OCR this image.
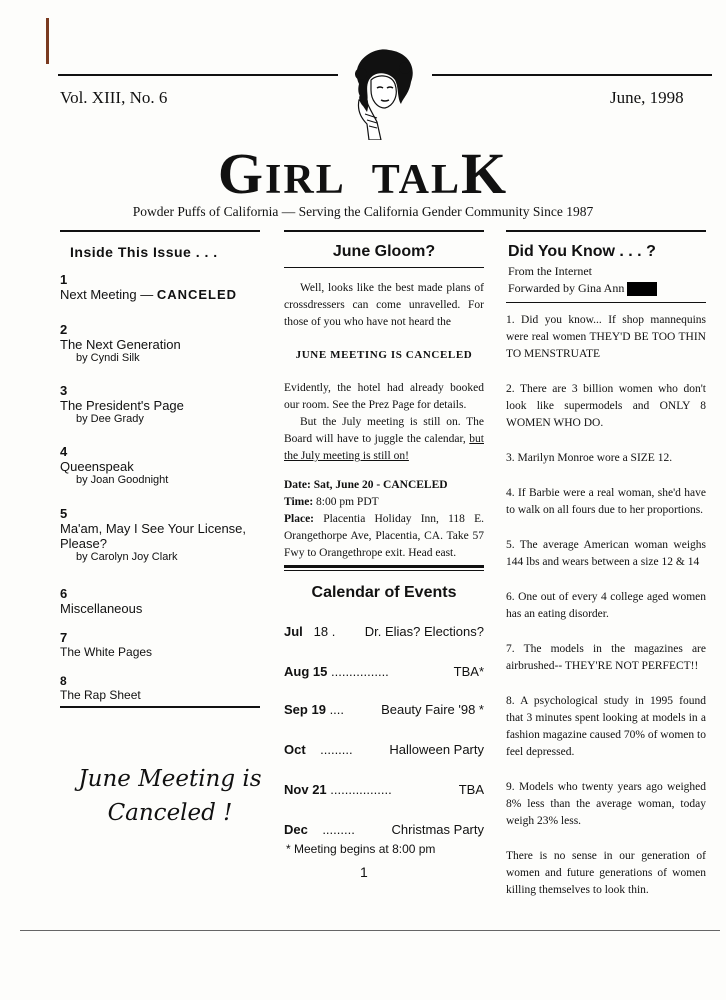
Vol. XIII, No. 6	June, 1998
GIRL TALK
Powder Puffs of California — Serving the California Gender Community Since 1987
Inside This Issue . . .
1
Next Meeting — CANCELED
2
The Next Generation
by Cyndi Silk
3
The President's Page
by Dee Grady
4
Queenspeak
by Joan Goodnight
5
Ma'am, May I See Your License, Please?
by Carolyn Joy Clark
6
Miscellaneous
7
The White Pages
8
The Rap Sheet
June Meeting is
Canceled !
June Gloom?

Well, looks like the best made plans of crossdressers can come unravelled. For those of you who have not heard the

JUNE MEETING IS CANCELED

Evidently, the hotel had already booked our room. See the Prez Page for details.

But the July meeting is still on. The Board will have to juggle the calendar, but the July meeting is still on!

Date: Sat, June 20 - CANCELED

Time: 8:00 pm PDT

Place: Placentia Holiday Inn, 118 E. Orangethorpe Ave, Placentia, CA. Take 57 Fwy to Orangethrope exit. Head east.

Calendar of Events
Jul 18 . Dr. Elias? Elections?
Aug 15 ................	TBA*
Sep 19 ....	Beauty Faire '98 *
Oct .........	Halloween Party
Nov 21 .................	TBA
Dec .........	Christmas Party
* Meeting begins at 8:00 pm
1
Did You Know . . . ?
From the Internet
Forwarded by Gina Ann

1. Did you know... If shop mannequins were real women THEY'D BE TOO THIN TO MENSTRUATE

2. There are 3 billion women who don't look like supermodels and ONLY 8 WOMEN WHO DO.

3. Marilyn Monroe wore a SIZE 12.

4. If Barbie were a real woman, she'd have to walk on all fours due to her proportions.

5. The average American woman weighs 144 lbs and wears between a size 12 & 14

6. One out of every 4 college aged women has an eating disorder.

7. The models in the magazines are airbrushed-- THEY'RE NOT PERFECT!!

8. A psychological study in 1995 found that 3 minutes spent looking at models in a fashion magazine caused 70% of women to feel depressed.

9. Models who twenty years ago weighed 8% less than the average woman, today weigh 23% less.

There is no sense in our generation of women and future generations of women killing themselves to look thin.
